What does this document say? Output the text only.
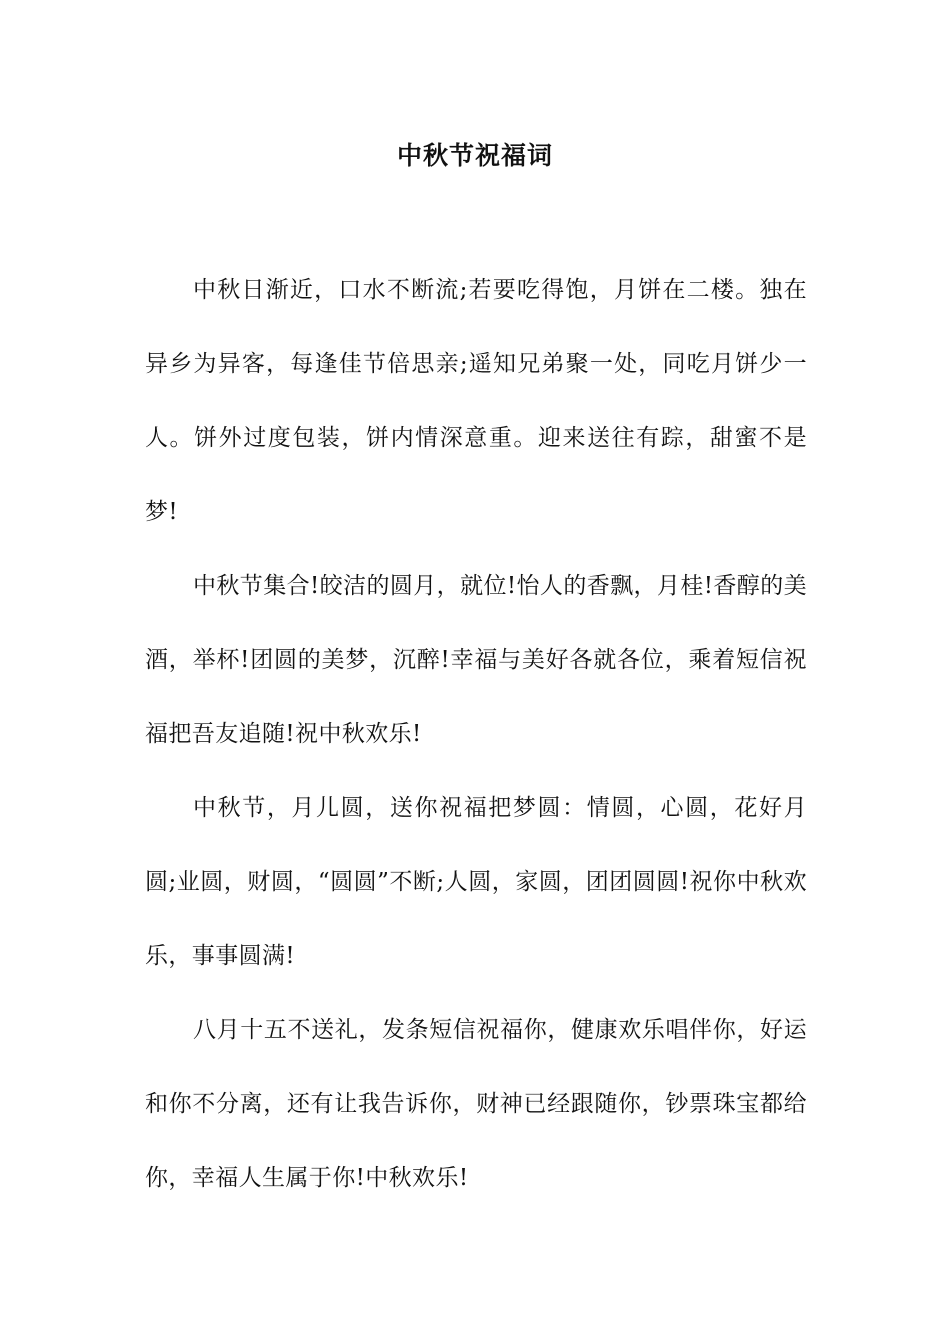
中秋节祝福词

中秋日渐近，口水不断流;若要吃得饱，月饼在二楼。独在异乡为异客，每逢佳节倍思亲;遥知兄弟聚一处，同吃月饼少一人。饼外过度包装，饼内情深意重。迎来送往有踪，甜蜜不是梦!

中秋节集合!皎洁的圆月，就位!怡人的香飘，月桂!香醇的美酒，举杯!团圆的美梦，沉醉!幸福与美好各就各位，乘着短信祝福把吾友追随!祝中秋欢乐!

中秋节，月儿圆，送你祝福把梦圆：情圆，心圆，花好月圆;业圆，财圆，“圆圆”不断;人圆，家圆，团团圆圆!祝你中秋欢乐，事事圆满!

八月十五不送礼，发条短信祝福你，健康欢乐唱伴你，好运和你不分离，还有让我告诉你，财神已经跟随你，钞票珠宝都给你，幸福人生属于你!中秋欢乐!
